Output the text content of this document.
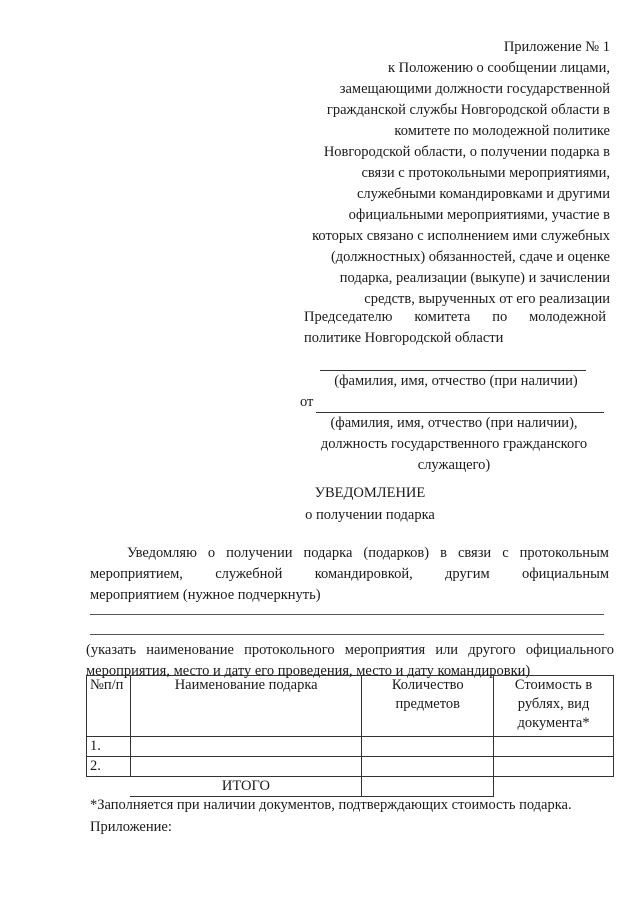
Приложение № 1
к Положению о сообщении лицами,
замещающими должности государственной
гражданской службы Новгородской области в
комитете по молодежной политике
Новгородской области, о получении подарка в
связи с протокольными мероприятиями,
служебными командировками и другими
официальными мероприятиями, участие в
которых связано с исполнением ими служебных
(должностных) обязанностей, сдаче и оценке
подарка, реализации (выкупе) и зачислении
средств, вырученных от его реализации
Председателю комитета по молодежной
политике Новгородской области
(фамилия, имя, отчество (при наличии)
от
(фамилия, имя, отчество (при наличии),
должность государственного гражданского
служащего)
УВЕДОМЛЕНИЕ
о получении подарка
Уведомляю о получении подарка (подарков) в связи с протокольным
мероприятием, служебной командировкой, другим официальным
мероприятием (нужное подчеркнуть)
(указать наименование протокольного мероприятия или другого официального
мероприятия, место и дату его проведения, место и дату командировки)
№п/п	Наименование подарка	Количество предметов	Стоимость в рублях, вид документа*
1.			
2.			
	ИТОГО		
*Заполняется при наличии документов, подтверждающих стоимость подарка.
Приложение:
